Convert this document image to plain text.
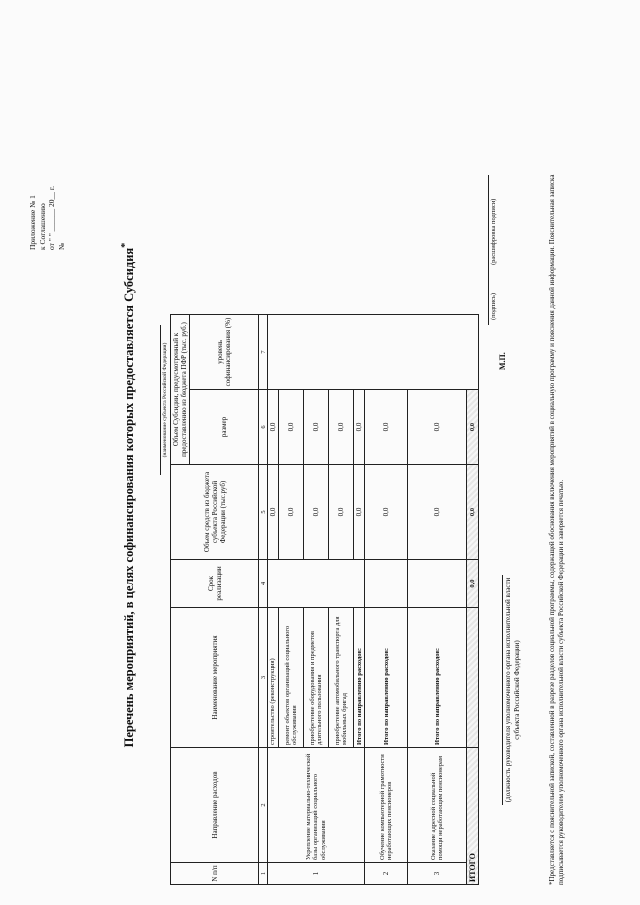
Приложение № 1 к Соглашению от " " ______ 20__ г. №
Перечень мероприятий, в целях софинансирования которых предоставляется Субсидия*
(наименование субъекта Российской Федерации)
N п/п	Направление расходов	Наименование мероприятия	Срок реализации	Объем средств из бюджета субъекта Российской Федерации (тыс.руб)	Объем Субсидии, предусмотренный к предоставлению из бюджета ПФР (тыс. руб.)		
					размер	уровень софинансирования (%)	
1	2	3	4	5	6	7	
1	Укрепление материально-технической базы организаций социального обслуживания	строительство (реконструкция)		0,0	0,0		
		ремонт объектов организаций социального обслуживания		0,0	0,0		
		приобретение оборудования и предметов длительного пользования		0,0	0,0		
		приобретение автомобильного транспорта для мобильных бригад		0,0	0,0		
		Итого по направлению расходов:		0,0	0,0		
2	Обучение компьютерной грамотности неработающих пенсионеров	Итого по направлению расходов:		0,0	0,0		
3	Оказание адресной социальной помощи неработающим пенсионерам	Итого по направлению расходов:		0,0	0,0		
ИТОГО			0,0	0,0	0,0		
(должность руководителя уполномоченного органа исполнительной власти субъекта Российской Федерации)
М.П.
(подпись)
(расшифровка подписи)	*Представляется с пояснительной запиской, составленной в разрезе разделов социальной программы, содержащей обоснования включения мероприятий в социальную программу и пояснения данной информации. Пояснительная записка подписывается руководителем уполномоченного органа исполнительной власти субъекта Российской Федерации и заверяется печатью.
